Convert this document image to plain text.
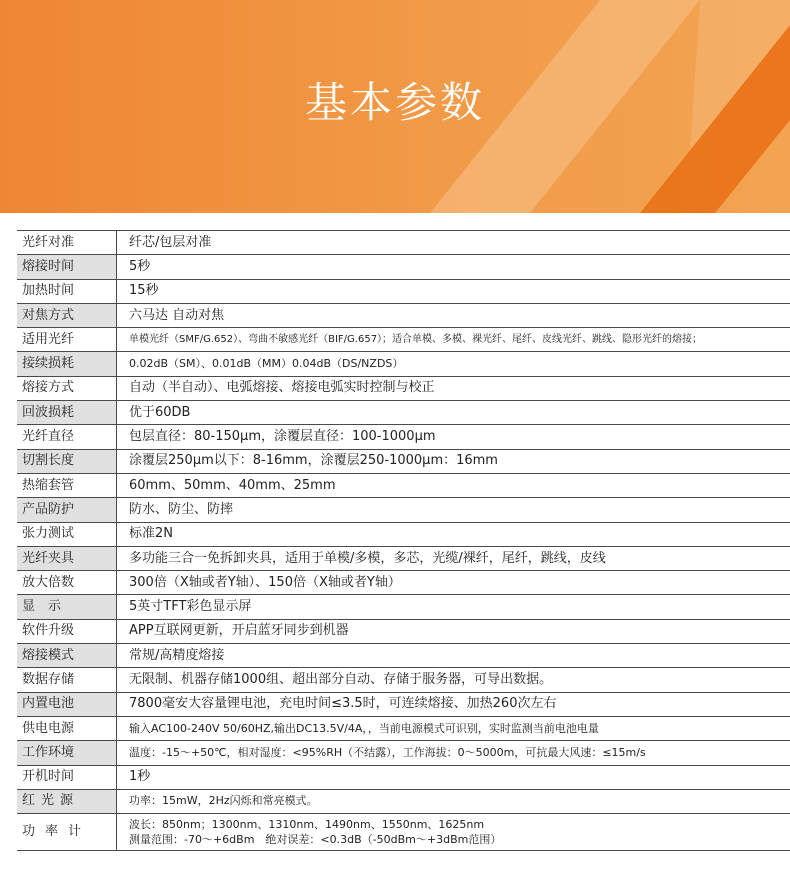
基本参数
光纤对准	纤芯/包层对准
熔接时间	5秒
加热时间	15秒
对焦方式	六马达 自动对焦
适用光纤	单模光纤（SMF/G.652）、弯曲不敏感光纤（BIF/G.657）；适合单模、多模、裸光纤、尾纤、皮线光纤、跳线、隐形光纤的熔接；
接续损耗	0.02dB（SM）、0.01dB（MM）0.04dB（DS/NZDS）
熔接方式	自动（半自动）、电弧熔接、熔接电弧实时控制与校正
回波损耗	优于60DB
光纤直径	包层直径：80-150μm，涂覆层直径：100-1000μm
切割长度	涂覆层250μm以下：8-16mm，涂覆层250-1000μm：16mm
热缩套管	60mm、50mm、40mm、25mm
产品防护	防水、防尘、防摔
张力测试	标准2N
光纤夹具	多功能三合一免拆卸夹具，适用于单模/多模，多芯，光缆/裸纤，尾纤，跳线，皮线
放大倍数	300倍（X轴或者Y轴）、150倍（X轴或者Y轴）
显　示	5英寸TFT彩色显示屏
软件升级	APP互联网更新，开启蓝牙同步到机器
熔接模式	常规/高精度熔接
数据存储	无限制、机器存储1000组、超出部分自动、存储于服务器，可导出数据。
内置电池	7800毫安大容量锂电池，充电时间≤3.5时，可连续熔接、加热260次左右
供电电源	输入AC100-240V 50/60HZ,输出DC13.5V/4A，，当前电源模式可识别，实时监测当前电池电量
工作环境	温度：-15～+50℃，相对湿度：<95%RH（不结露），工作海拔：0～5000m，可抗最大风速：≤15m/s
开机时间	1秒
红光源	功率：15mW，2Hz闪烁和常亮模式。
功率计	波长：850nm；1300nm、1310nm、1490nm、1550nm、1625nm
测量范围：-70～+6dBm　绝对误差：<0.3dB（-50dBm～+3dBm范围）
